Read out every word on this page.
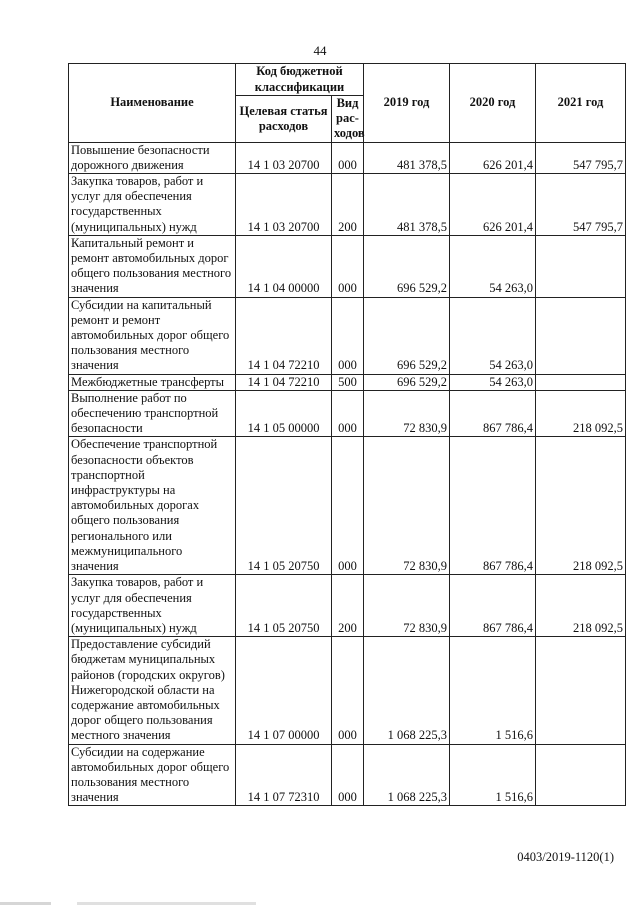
44
Наименование	Код бюджетной классификации		2019 год	2020 год	2021 год
	Целевая статья расходов	Вид рас-ходов			
Повышение безопасности дорожного движения	14 1 03 20700	000	481 378,5	626 201,4	547 795,7
Закупка товаров, работ и услуг для обеспечения государственных (муниципальных) нужд	14 1 03 20700	200	481 378,5	626 201,4	547 795,7
Капитальный ремонт и ремонт автомобильных дорог общего пользования местного значения	14 1 04 00000	000	696 529,2	54 263,0	
Субсидии на капитальный ремонт и ремонт автомобильных дорог общего пользования местного значения	14 1 04 72210	000	696 529,2	54 263,0	
Межбюджетные трансферты	14 1 04 72210	500	696 529,2	54 263,0	
Выполнение работ по обеспечению транспортной безопасности	14 1 05 00000	000	72 830,9	867 786,4	218 092,5
Обеспечение транспортной безопасности объектов транспортной инфраструктуры на автомобильных дорогах общего пользования регионального или межмуниципального значения	14 1 05 20750	000	72 830,9	867 786,4	218 092,5
Закупка товаров, работ и услуг для обеспечения государственных (муниципальных) нужд	14 1 05 20750	200	72 830,9	867 786,4	218 092,5
Предоставление субсидий бюджетам муниципальных районов (городских округов) Нижегородской области на содержание автомобильных дорог общего пользования местного значения	14 1 07 00000	000	1 068 225,3	1 516,6	
Субсидии на содержание автомобильных дорог общего пользования местного значения	14 1 07 72310	000	1 068 225,3	1 516,6	
0403/2019-1120(1)
